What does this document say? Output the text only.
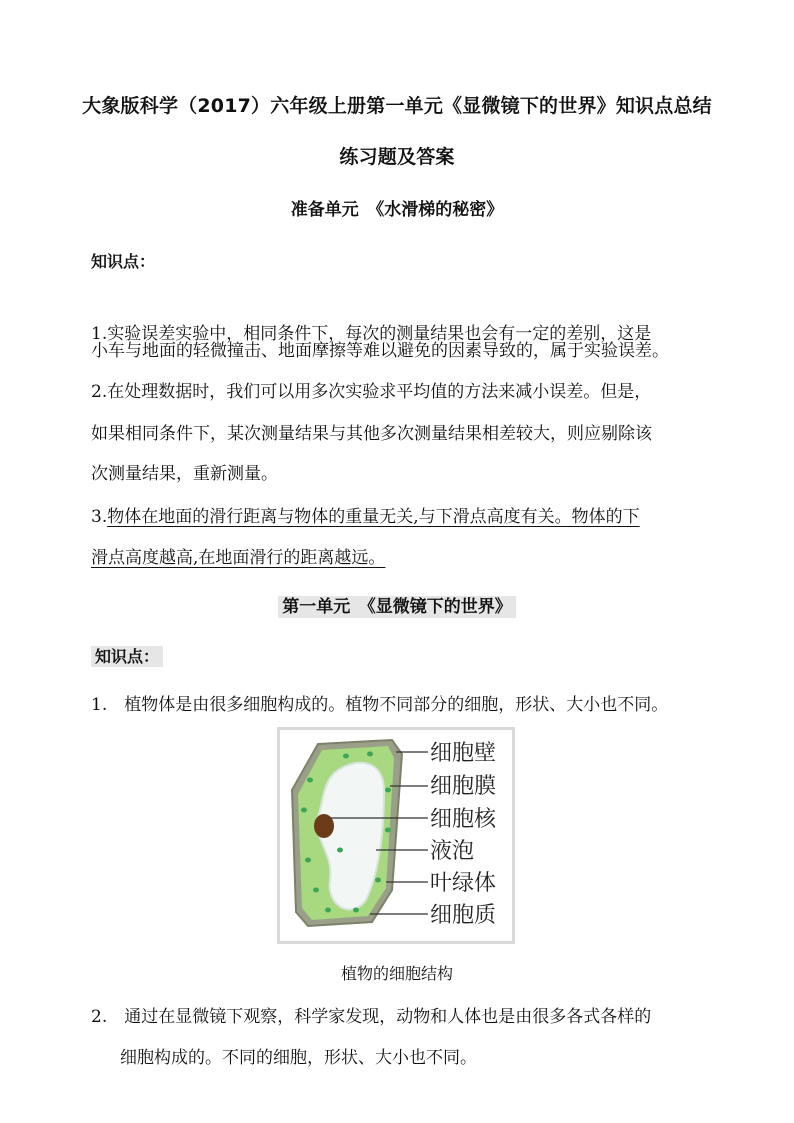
大象版科学（2017）六年级上册第一单元《显微镜下的世界》知识点总结
练习题及答案
准备单元　《水滑梯的秘密》
知识点：
1.实验误差实验中，相同条件下，每次的测量结果也会有一定的差别，这是
小车与地面的轻微撞击、地面摩擦等难以避免的因素导致的，属于实验误差。
2.在处理数据时，我们可以用多次实验求平均值的方法来减小误差。但是，
如果相同条件下，某次测量结果与其他多次测量结果相差较大，则应剔除该
次测量结果，重新测量。
3.物体在地面的滑行距离与物体的重量无关,与下滑点高度有关。物体的下
滑点高度越高,在地面滑行的距离越远。
第一单元　《显微镜下的世界》
知识点：
1.　植物体是由很多细胞构成的。植物不同部分的细胞，形状、大小也不同。
细胞壁
细胞膜
细胞核
液泡
叶绿体
细胞质
植物的细胞结构
2.　通过在显微镜下观察，科学家发现，动物和人体也是由很多各式各样的
细胞构成的。不同的细胞，形状、大小也不同。
